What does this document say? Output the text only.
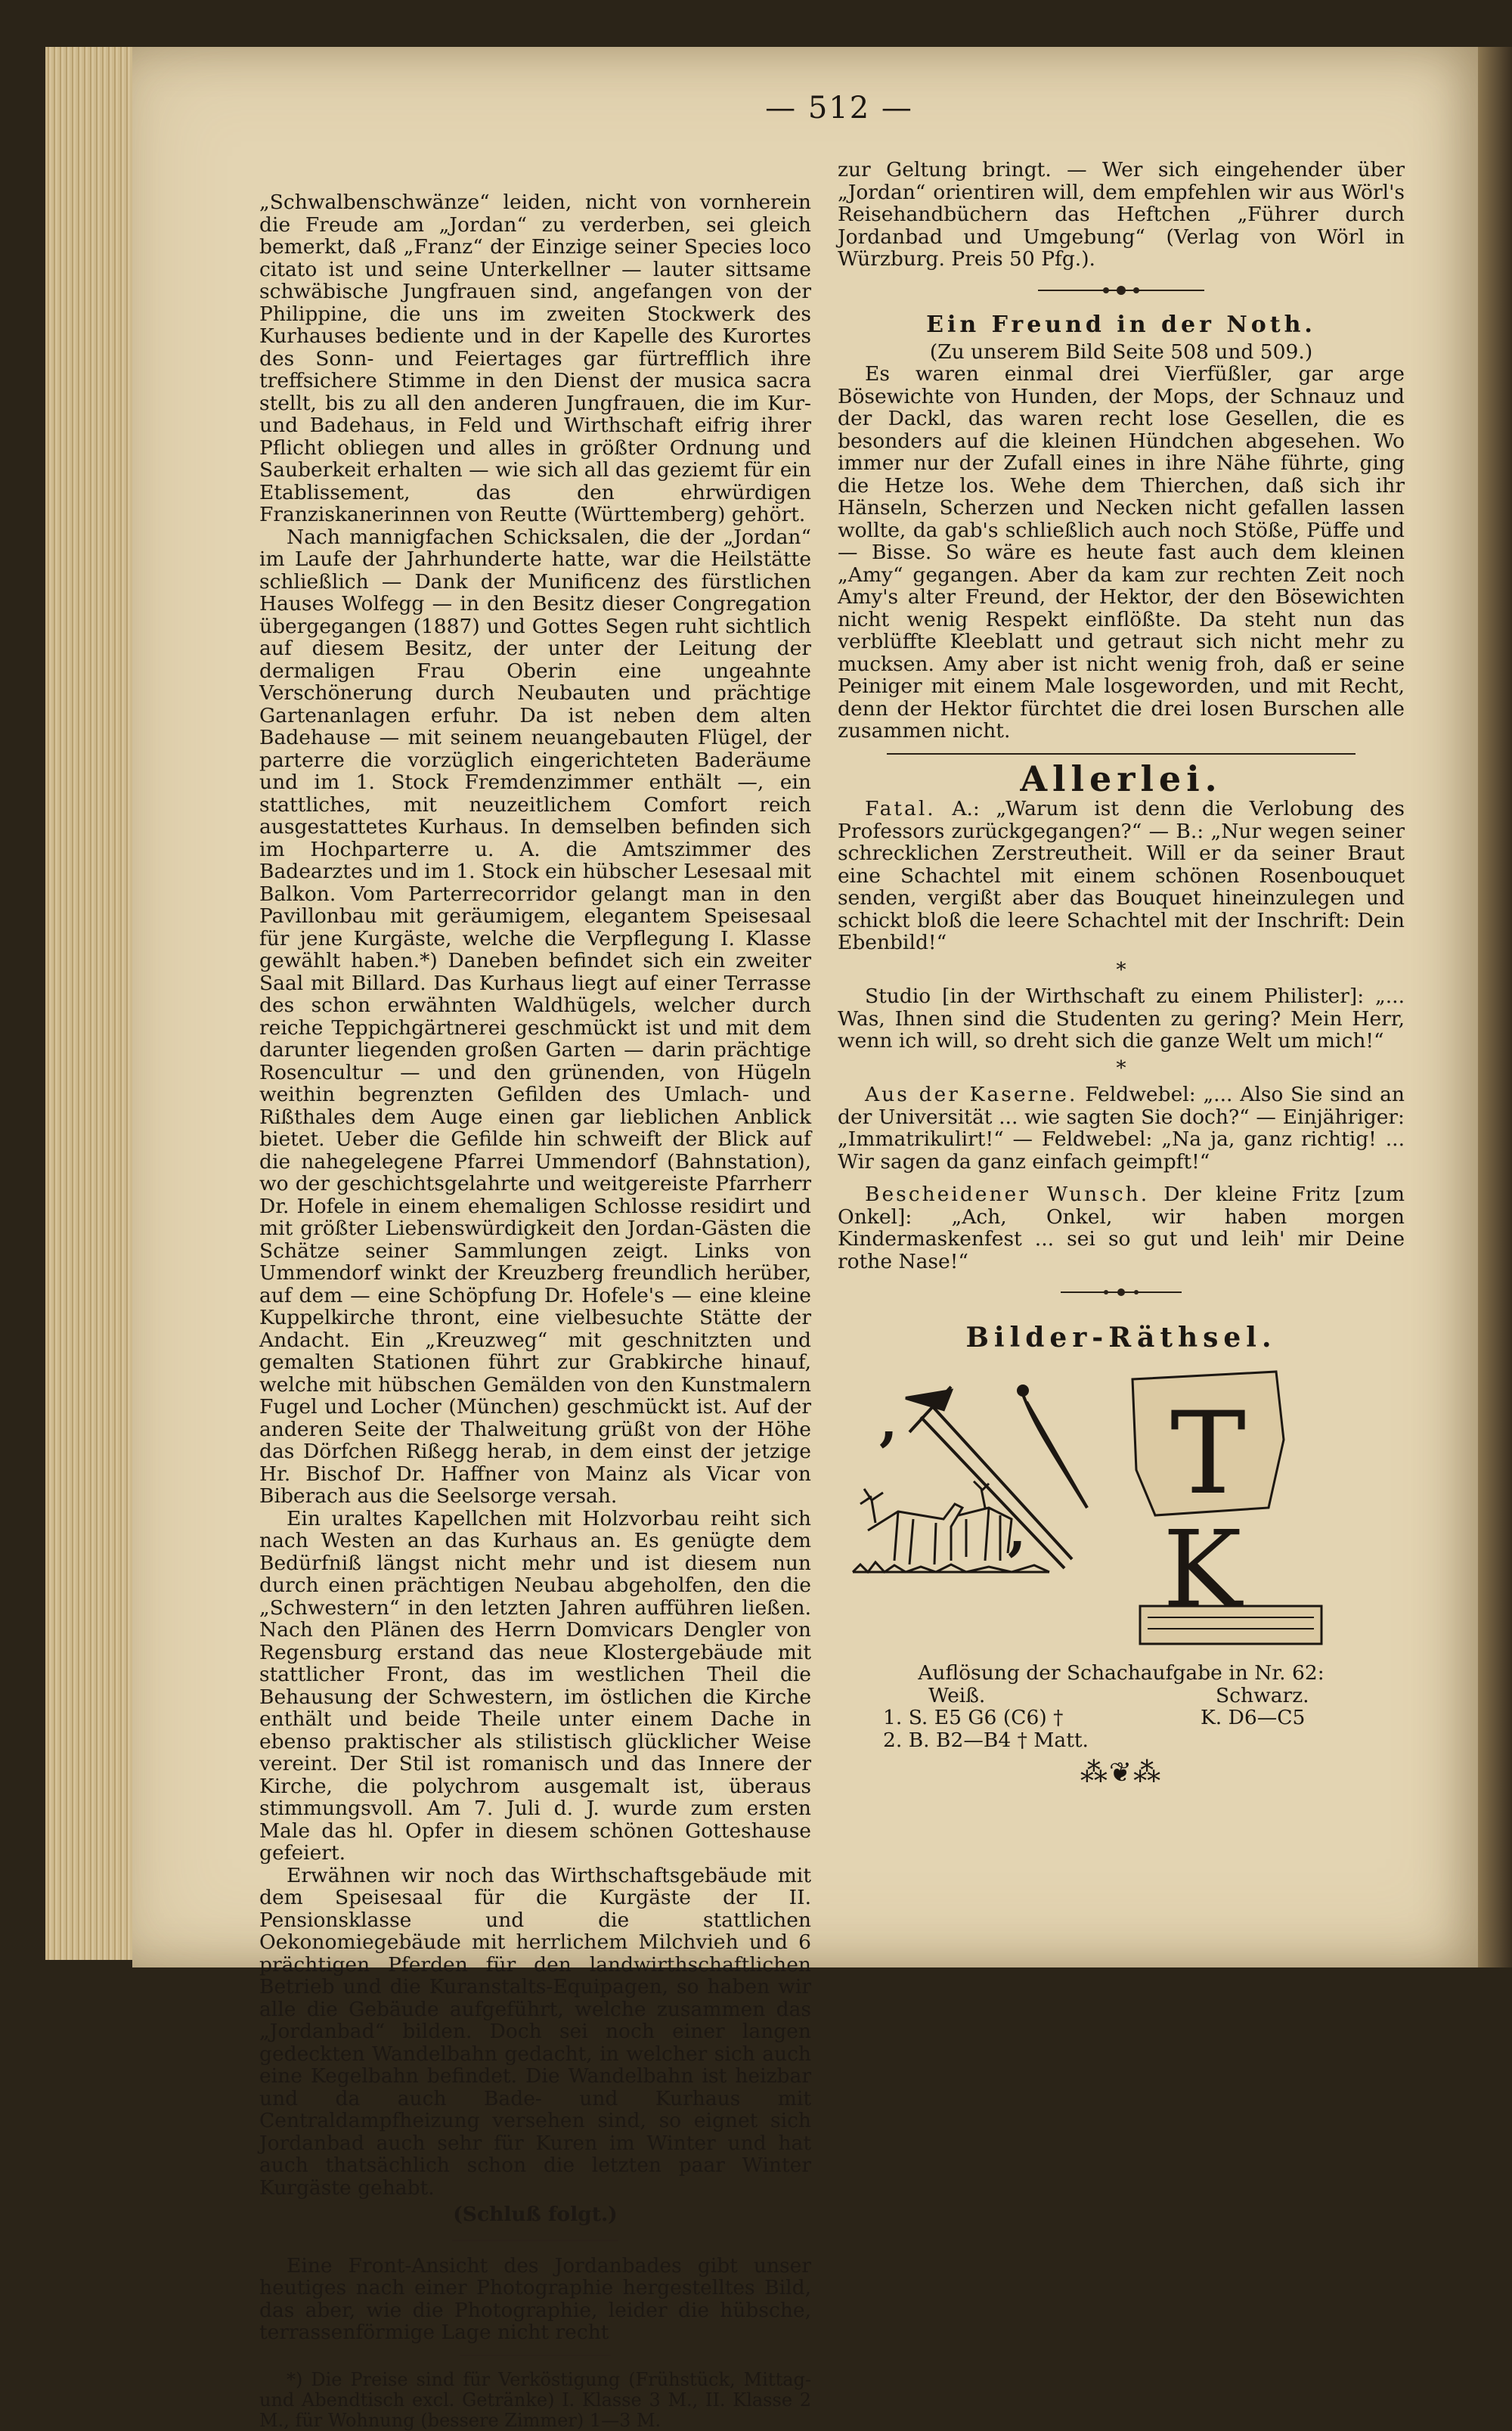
— 512 —

„Schwalbenschwänze“ leiden, nicht von vornherein die Freude am „Jordan“ zu verderben, sei gleich bemerkt, daß „Franz“ der Einzige seiner Species loco citato ist und seine Unterkellner — lauter sittsame schwäbische Jungfrauen sind, angefangen von der Philippine, die uns im zweiten Stockwerk des Kurhauses bediente und in der Kapelle des Kurortes des Sonn- und Feiertages gar fürtrefflich ihre treffsichere Stimme in den Dienst der musica sacra stellt, bis zu all den anderen Jungfrauen, die im Kur- und Badehaus, in Feld und Wirthschaft eifrig ihrer Pflicht obliegen und alles in größter Ordnung und Sauberkeit erhalten — wie sich all das geziemt für ein Etablissement, das den ehrwürdigen Franziskanerinnen von Reutte (Württemberg) gehört.

Nach mannigfachen Schicksalen, die der „Jordan“ im Laufe der Jahrhunderte hatte, war die Heilstätte schließlich — Dank der Munificenz des fürstlichen Hauses Wolfegg — in den Besitz dieser Congregation übergegangen (1887) und Gottes Segen ruht sichtlich auf diesem Besitz, der unter der Leitung der dermaligen Frau Oberin eine ungeahnte Verschönerung durch Neubauten und prächtige Gartenanlagen erfuhr. Da ist neben dem alten Badehause — mit seinem neuangebauten Flügel, der parterre die vorzüglich eingerichteten Baderäume und im 1. Stock Fremdenzimmer enthält —, ein stattliches, mit neuzeitlichem Comfort reich ausgestattetes Kurhaus. In demselben befinden sich im Hochparterre u. A. die Amtszimmer des Badearztes und im 1. Stock ein hübscher Lesesaal mit Balkon. Vom Parterrecorridor gelangt man in den Pavillonbau mit geräumigem, elegantem Speisesaal für jene Kurgäste, welche die Verpflegung I. Klasse gewählt haben.*) Daneben befindet sich ein zweiter Saal mit Billard. Das Kurhaus liegt auf einer Terrasse des schon erwähnten Waldhügels, welcher durch reiche Teppichgärtnerei geschmückt ist und mit dem darunter liegenden großen Garten — darin prächtige Rosencultur — und den grünenden, von Hügeln weithin begrenzten Gefilden des Umlach- und Rißthales dem Auge einen gar lieblichen Anblick bietet. Ueber die Gefilde hin schweift der Blick auf die nahegelegene Pfarrei Ummendorf (Bahnstation), wo der geschichtsgelahrte und weitgereiste Pfarrherr Dr. Hofele in einem ehemaligen Schlosse residirt und mit größter Liebenswürdigkeit den Jordan-Gästen die Schätze seiner Sammlungen zeigt. Links von Ummendorf winkt der Kreuzberg freundlich herüber, auf dem — eine Schöpfung Dr. Hofele's — eine kleine Kuppelkirche thront, eine vielbesuchte Stätte der Andacht. Ein „Kreuzweg“ mit geschnitzten und gemalten Stationen führt zur Grabkirche hinauf, welche mit hübschen Gemälden von den Kunstmalern Fugel und Locher (München) geschmückt ist. Auf der anderen Seite der Thalweitung grüßt von der Höhe das Dörfchen Rißegg herab, in dem einst der jetzige Hr. Bischof Dr. Haffner von Mainz als Vicar von Biberach aus die Seelsorge versah.

Ein uraltes Kapellchen mit Holzvorbau reiht sich nach Westen an das Kurhaus an. Es genügte dem Bedürfniß längst nicht mehr und ist diesem nun durch einen prächtigen Neubau abgeholfen, den die „Schwestern“ in den letzten Jahren aufführen ließen. Nach den Plänen des Herrn Domvicars Dengler von Regensburg erstand das neue Klostergebäude mit stattlicher Front, das im westlichen Theil die Behausung der Schwestern, im östlichen die Kirche enthält und beide Theile unter einem Dache in ebenso praktischer als stilistisch glücklicher Weise vereint. Der Stil ist romanisch und das Innere der Kirche, die polychrom ausgemalt ist, überaus stimmungsvoll. Am 7. Juli d. J. wurde zum ersten Male das hl. Opfer in diesem schönen Gotteshause gefeiert.

Erwähnen wir noch das Wirthschaftsgebäude mit dem Speisesaal für die Kurgäste der II. Pensionsklasse und die stattlichen Oekonomiegebäude mit herrlichem Milchvieh und 6 prächtigen Pferden für den landwirthschaftlichen Betrieb und die Kuranstalts-Equipagen, so haben wir alle die Gebäude aufgeführt, welche zusammen das „Jordanbad“ bilden. Doch sei noch einer langen gedeckten Wandelbahn gedacht, in welcher sich auch eine Kegelbahn befindet. Die Wandelbahn ist heizbar und da auch Bade- und Kurhaus mit Centraldampfheizung versehen sind, so eignet sich Jordanbad auch sehr für Kuren im Winter und hat auch thatsächlich schon die letzten paar Winter Kurgäste gehabt.

(Schluß folgt.)

Eine Front-Ansicht des Jordanbades gibt unser heutiges nach einer Photographie hergestelltes Bild, das aber, wie die Photographie, leider die hübsche, terrassenförmige Lage nicht recht

*) Die Preise sind für Verköstigung (Frühstück, Mittag- und Abendtisch excl. Getränke) I. Klasse 3 M., II. Klasse 2 M., für Wohnung (bessere Zimmer) 1—3 M.

zur Geltung bringt. — Wer sich eingehender über „Jordan“ orientiren will, dem empfehlen wir aus Wörl's Reisehandbüchern das Heftchen „Führer durch Jordanbad und Umgebung“ (Verlag von Wörl in Würzburg. Preis 50 Pfg.).

Ein Freund in der Noth.
(Zu unserem Bild Seite 508 und 509.)

Es waren einmal drei Vierfüßler, gar arge Bösewichte von Hunden, der Mops, der Schnauz und der Dackl, das waren recht lose Gesellen, die es besonders auf die kleinen Hündchen abgesehen. Wo immer nur der Zufall eines in ihre Nähe führte, ging die Hetze los. Wehe dem Thierchen, daß sich ihr Hänseln, Scherzen und Necken nicht gefallen lassen wollte, da gab's schließlich auch noch Stöße, Püffe und — Bisse. So wäre es heute fast auch dem kleinen „Amy“ gegangen. Aber da kam zur rechten Zeit noch Amy's alter Freund, der Hektor, der den Bösewichten nicht wenig Respekt einflößte. Da steht nun das verblüffte Kleeblatt und getraut sich nicht mehr zu mucksen. Amy aber ist nicht wenig froh, daß er seine Peiniger mit einem Male losgeworden, und mit Recht, denn der Hektor fürchtet die drei losen Burschen alle zusammen nicht.

Allerlei.

Fatal. A.: „Warum ist denn die Verlobung des Professors zurückgegangen?“ — B.: „Nur wegen seiner schrecklichen Zerstreutheit. Will er da seiner Braut eine Schachtel mit einem schönen Rosenbouquet senden, vergißt aber das Bouquet hineinzulegen und schickt bloß die leere Schachtel mit der Inschrift: Dein Ebenbild!“

*

Studio [in der Wirthschaft zu einem Philister]: „... Was, Ihnen sind die Studenten zu gering? Mein Herr, wenn ich will, so dreht sich die ganze Welt um mich!“

*

Aus der Kaserne. Feldwebel: „... Also Sie sind an der Universität ... wie sagten Sie doch?“ — Einjähriger: „Immatrikulirt!“ — Feldwebel: „Na ja, ganz richtig! ... Wir sagen da ganz einfach geimpft!“

Bescheidener Wunsch. Der kleine Fritz [zum Onkel]: „Ach, Onkel, wir haben morgen Kindermaskenfest ... sei so gut und leih' mir Deine rothe Nase!“

Bilder-Räthsel.
,
,
T
K
Auflösung der Schachaufgabe in Nr. 62:
Weiß.	Schwarz.
1. S. E5 G6 (C6) †	K. D6—C5
2. B. B2—B4 † Matt.
⁂❦⁂
